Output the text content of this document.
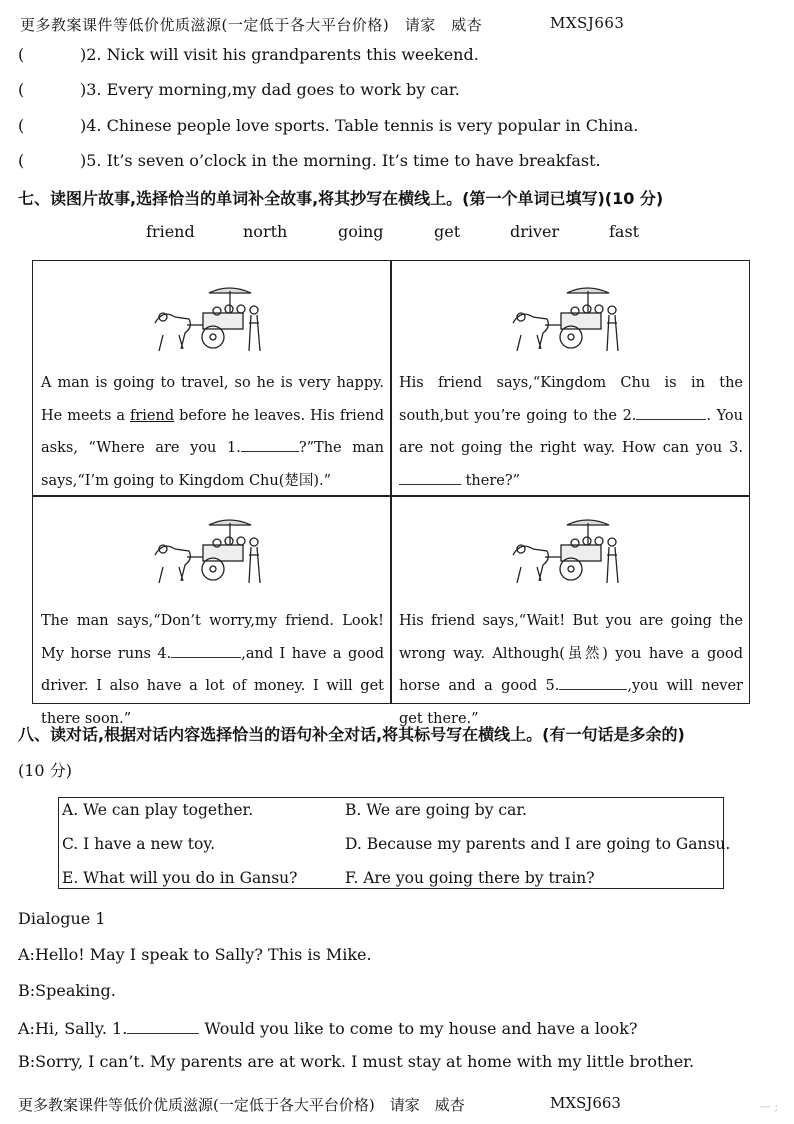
更多教案课件等低价优质滋源(一定低于各大平台价格)　请家　威杏	MXSJ663
(	)2. Nick will visit his grandparents this weekend.
(	)3. Every morning,my dad goes to work by car.
(	)4. Chinese people love sports. Table tennis is very popular in China.
(	)5. It’s seven o’clock in the morning. It’s time to have breakfast.
七、读图片故事,选择恰当的单词补全故事,将其抄写在横线上。(第一个单词已填写)(10 分)
friend	north	going	get	driver	fast
A man is going to travel, so he is very happy. He meets a friend before he leaves. His friend asks, “Where are you 1.	?”The man says,“I’m going to Kingdom Chu(楚国).”
His friend says,“Kingdom Chu is in the south,but you’re going to the 2.	. You are not going the right way. How can you 3. there?”
The man says,“Don’t worry,my friend. Look! My horse runs 4.	,and I have a good driver. I also have a lot of money. I will get there soon.”
His friend says,“Wait! But you are going the wrong way. Although(虽然) you have a good horse and a good 5.	,you will never get there.”
八、读对话,根据对话内容选择恰当的语句补全对话,将其标号写在横线上。(有一句话是多余的)
(10 分)
A. We can play together.	B. We are going by car.
C. I have a new toy.	D. Because my parents and I are going to Gansu.
E. What will you do in Gansu?	F. Are you going there by train?
Dialogue 1
A:Hello! May I speak to Sally? This is Mike.
B:Speaking.
A:Hi, Sally. 1.	Would you like to come to my house and have a look?
B:Sorry, I can’t. My parents are at work. I must stay at home with my little brother.
更多教案课件等低价优质滋源(一定低于各大平台价格)　请家　威杏	MXSJ663	— ;
